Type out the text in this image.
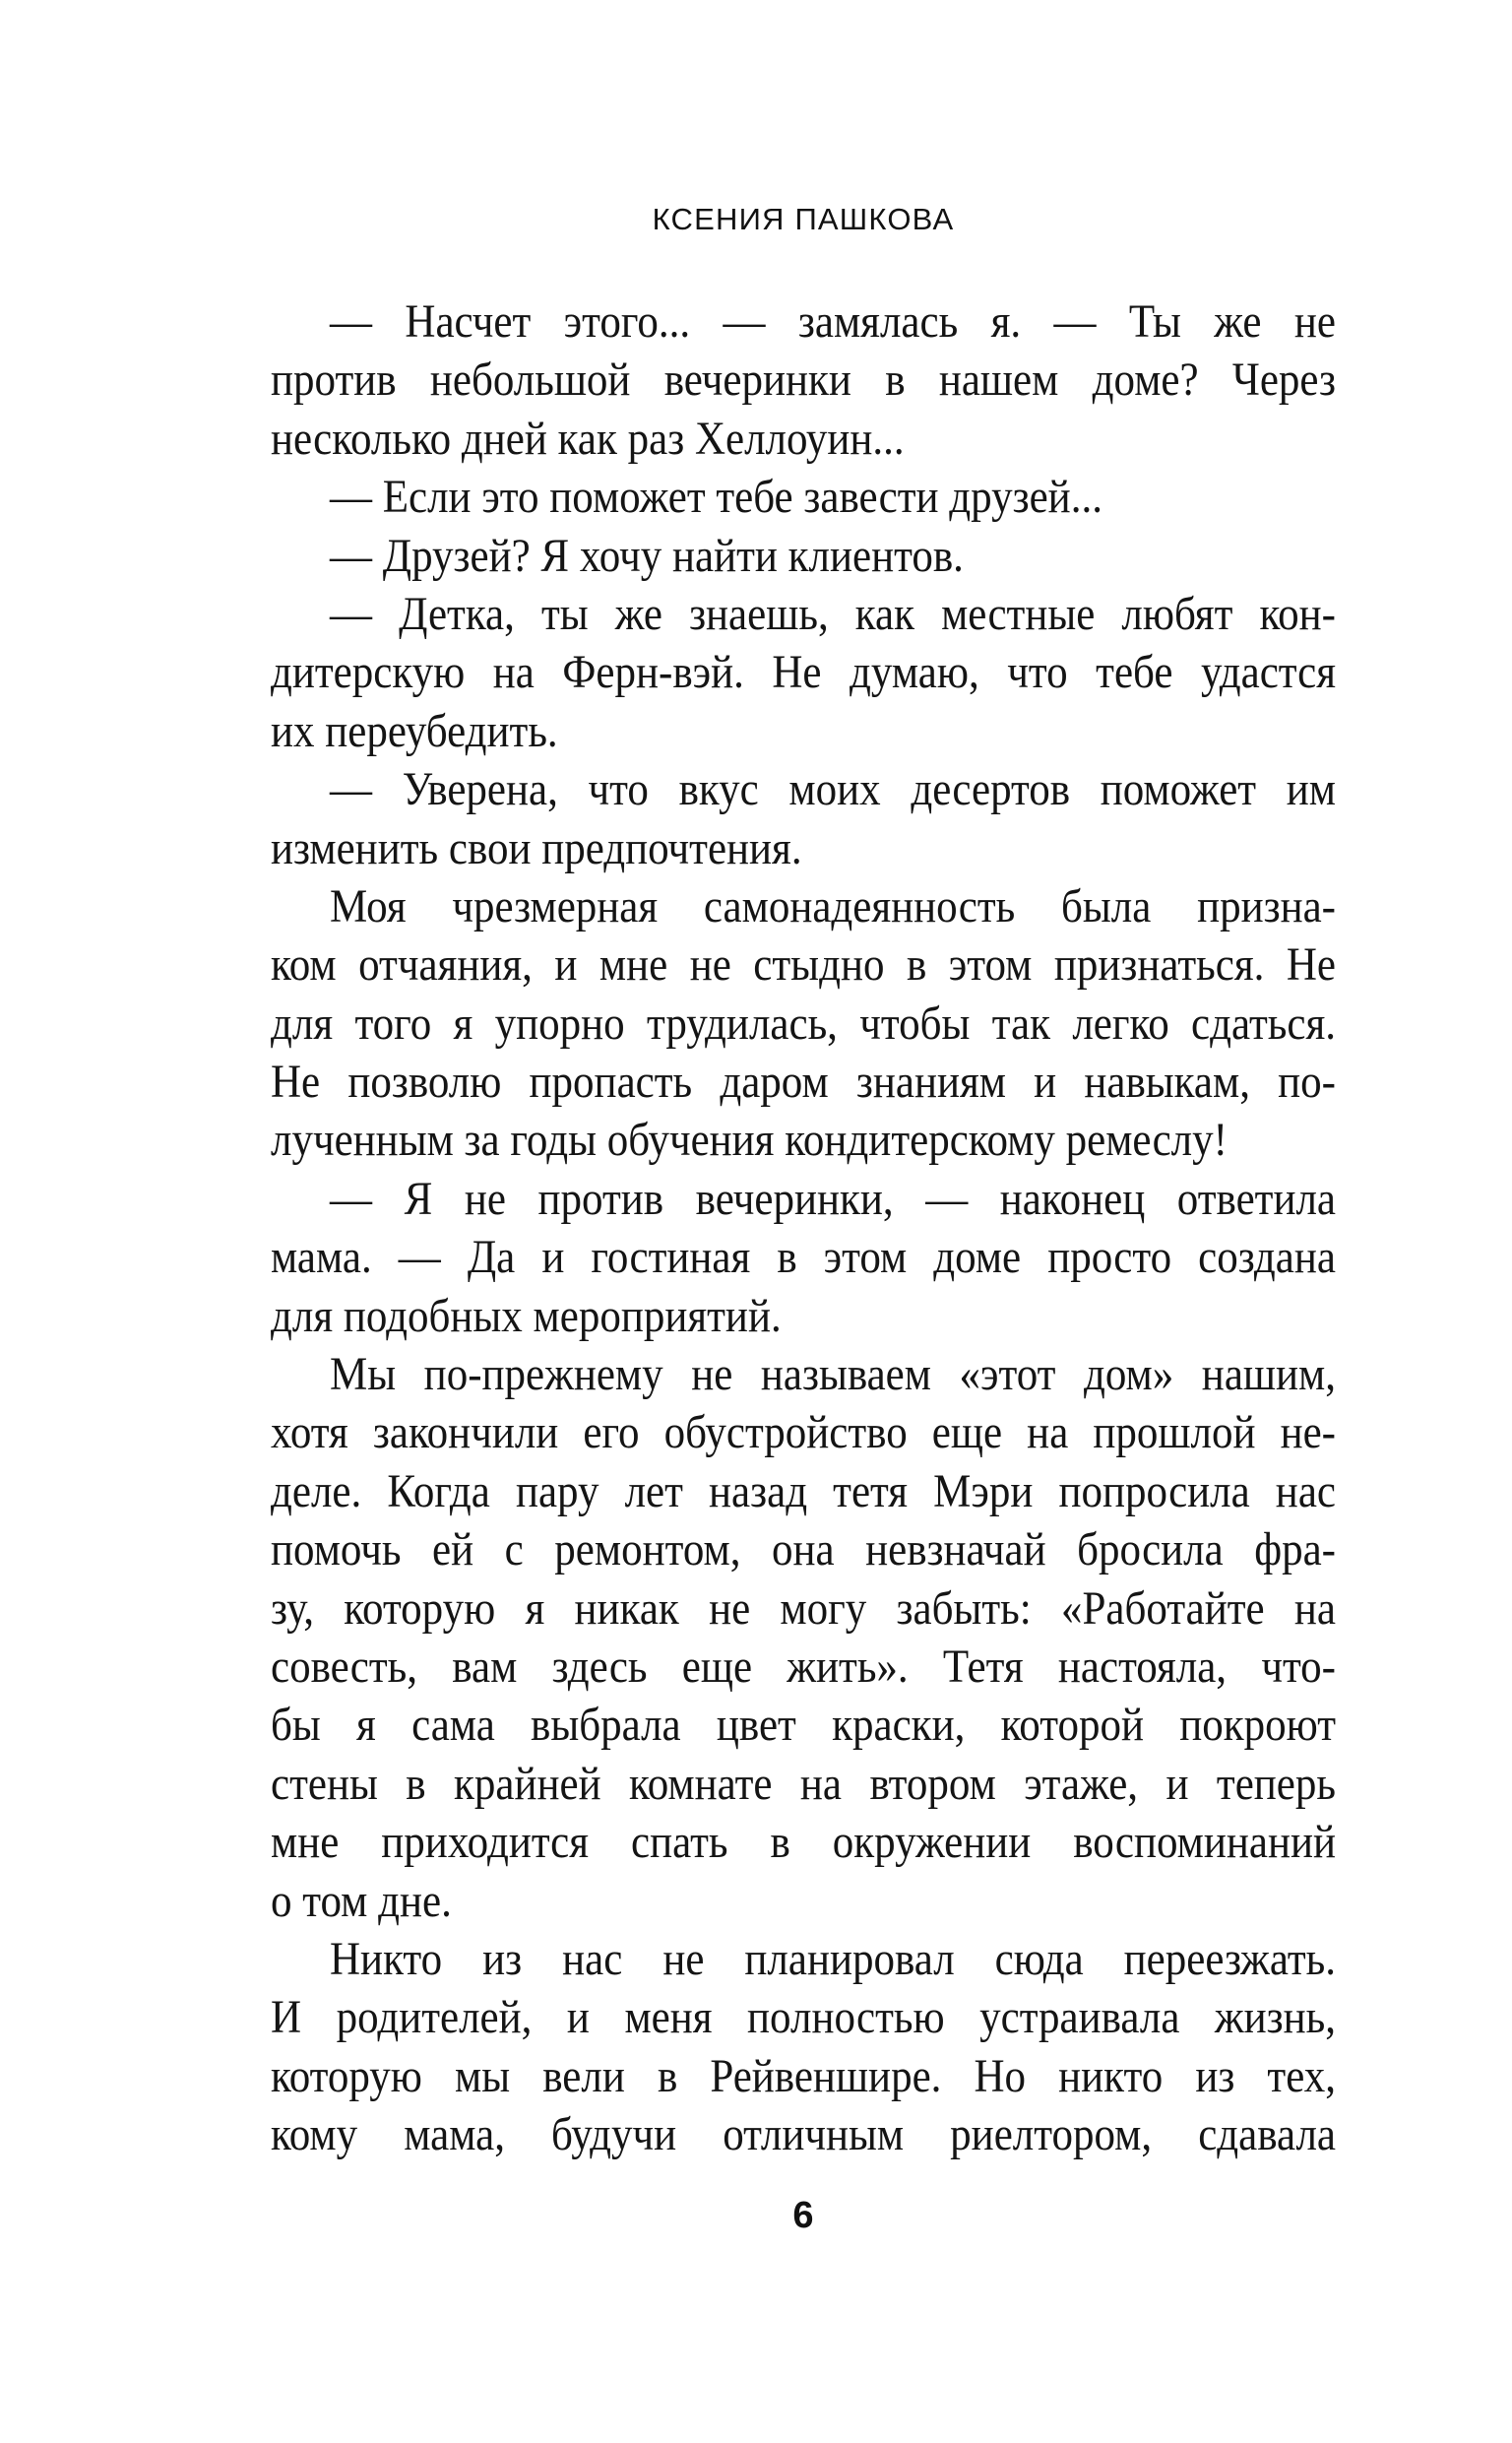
КСЕНИЯ ПАШКОВА
— Насчет этого... — замялась я. — Ты же не
против небольшой вечеринки в нашем доме? Через
несколько дней как раз Хеллоуин...
— Если это поможет тебе завести друзей...
— Друзей? Я хочу найти клиентов.
— Детка, ты же знаешь, как местные любят кон-
дитерскую на Ферн-вэй. Не думаю, что тебе удастся
их переубедить.
— Уверена, что вкус моих десертов поможет им
изменить свои предпочтения.
Моя чрезмерная самонадеянность была призна-
ком отчаяния, и мне не стыдно в этом признаться. Не
для того я упорно трудилась, чтобы так легко сдаться.
Не позволю пропасть даром знаниям и навыкам, по-
лученным за годы обучения кондитерскому ремеслу!
— Я не против вечеринки, — наконец ответила
мама. — Да и гостиная в этом доме просто создана
для подобных мероприятий.
Мы по-прежнему не называем «этот дом» нашим,
хотя закончили его обустройство еще на прошлой не-
деле. Когда пару лет назад тетя Мэри попросила нас
помочь ей с ремонтом, она невзначай бросила фра-
зу, которую я никак не могу забыть: «Работайте на
совесть, вам здесь еще жить». Тетя настояла, что-
бы я сама выбрала цвет краски, которой покроют
стены в крайней комнате на втором этаже, и теперь
мне приходится спать в окружении воспоминаний
о том дне.
Никто из нас не планировал сюда переезжать.
И родителей, и меня полностью устраивала жизнь,
которую мы вели в Рейвеншире. Но никто из тех,
кому мама, будучи отличным риелтором, сдавала
6
